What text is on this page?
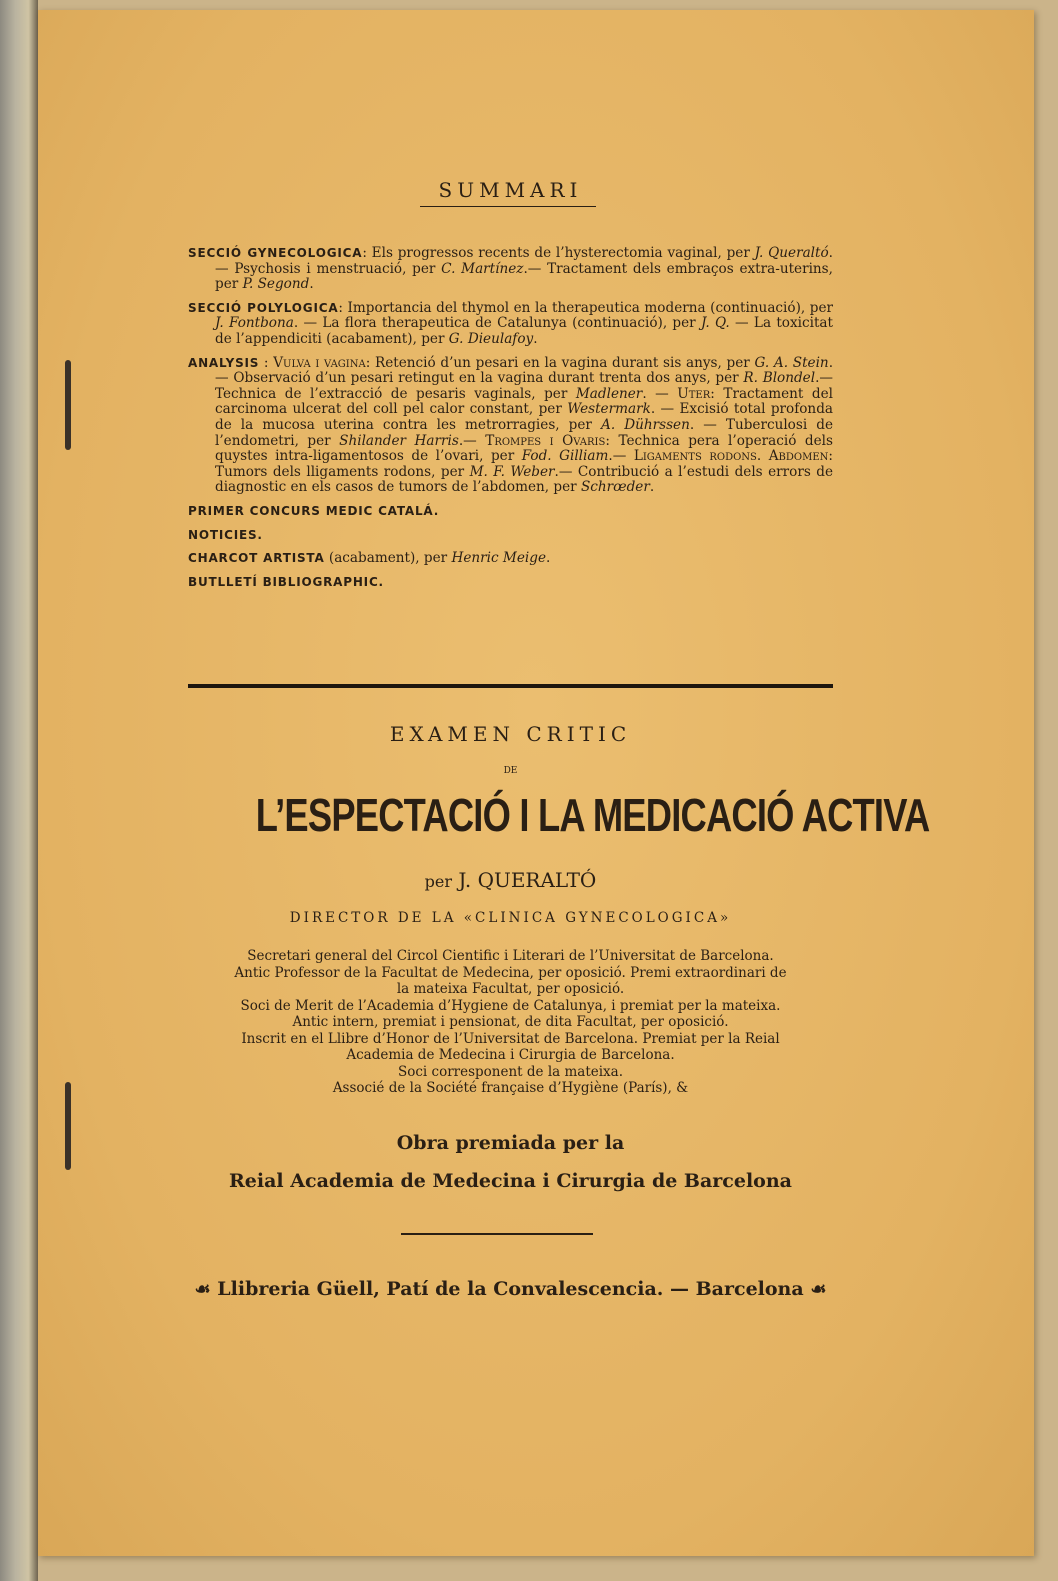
SUMMARI

SECCIÓ GYNECOLOGICA: Els progressos recents de l’hysterectomia vaginal, per J. Queraltó. — Psychosis i menstruació, per C. Martínez.— Tractament dels embraços extra-uterins, per P. Segond.

SECCIÓ POLYLOGICA: Importancia del thymol en la therapeutica moderna (continuació), per J. Fontbona. — La flora therapeutica de Catalunya (continuació), per J. Q. — La toxicitat de l’appendiciti (acabament), per G. Dieulafoy.

ANALYSIS : Vulva i vagina: Retenció d’un pesari en la vagina durant sis anys, per G. A. Stein.— Observació d’un pesari retingut en la vagina durant trenta dos anys, per R. Blondel.— Technica de l’extracció de pesaris vaginals, per Madlener. — Uter: Tractament del carcinoma ulcerat del coll pel calor constant, per Westermark. — Excisió total profonda de la mucosa uterina contra les metrorragies, per A. Dührssen. — Tuberculosi de l’endometri, per Shilander Harris.— Trompes i Ovaris: Technica pera l’operació dels quystes intra-ligamentosos de l’ovari, per Fod. Gilliam.— Ligaments rodons. Abdomen: Tumors dels lligaments rodons, per M. F. Weber.— Contribució a l’estudi dels errors de diagnostic en els casos de tumors de l’abdomen, per Schrœder.

PRIMER CONCURS MEDIC CATALÁ.

NOTICIES.

CHARCOT ARTISTA (acabament), per Henric Meige.

BUTLLETÍ BIBLIOGRAPHIC.

EXAMEN CRITIC
DE
L’ESPECTACIÓ I LA MEDICACIÓ ACTIVA
per J. QUERALTÓ
DIRECTOR DE LA «CLINICA GYNECOLOGICA»
Secretari general del Circol Cientific i Literari de l’Universitat de Barcelona.
Antic Professor de la Facultat de Medecina, per oposició. Premi extraordinari de
la mateixa Facultat, per oposició.
Soci de Merit de l’Academia d’Hygiene de Catalunya, i premiat per la mateixa.
Antic intern, premiat i pensionat, de dita Facultat, per oposició.
Inscrit en el Llibre d’Honor de l’Universitat de Barcelona. Premiat per la Reial
Academia de Medecina i Cirurgia de Barcelona.
Soci corresponent de la mateixa.
Associé de la Société française d’Hygiène (París), &
Obra premiada per la
Reial Academia de Medecina i Cirurgia de Barcelona
☙ Llibreria Güell, Patí de la Convalescencia. — Barcelona ☙
